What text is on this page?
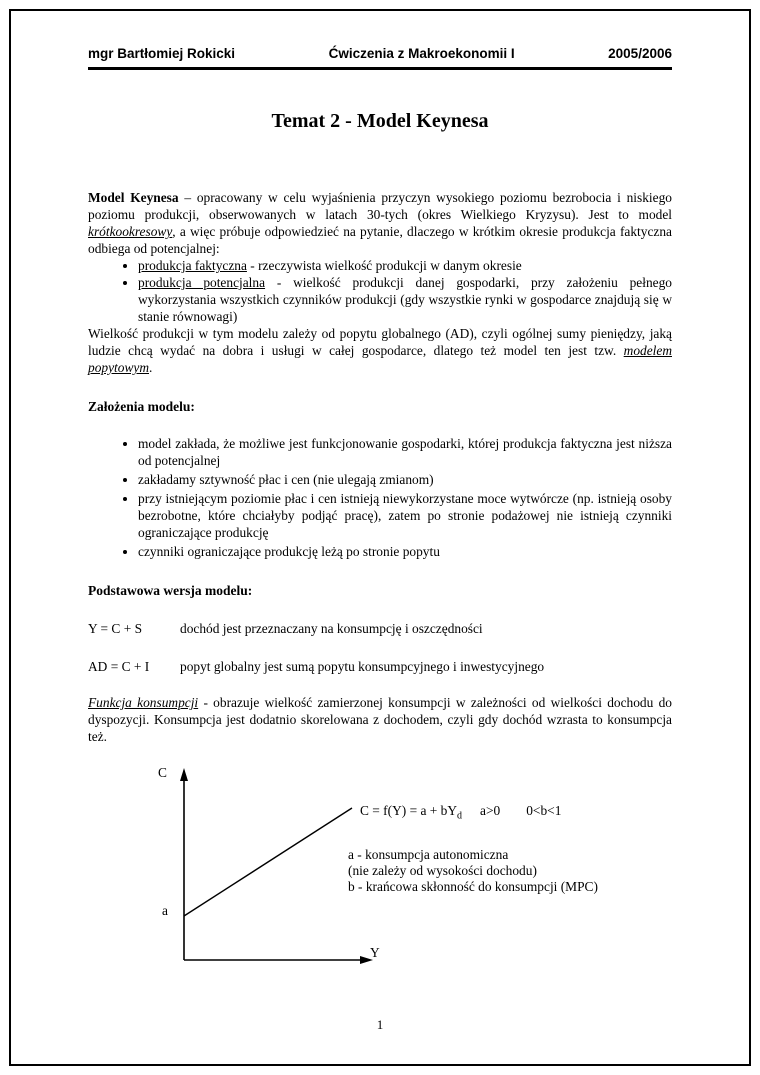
mgr Bartłomiej Rokicki	Ćwiczenia z Makroekonomii I	2005/2006
Temat 2 - Model Keynesa

Model Keynesa – opracowany w celu wyjaśnienia przyczyn wysokiego poziomu bezrobocia i niskiego poziomu produkcji, obserwowanych w latach 30-tych (okres Wielkiego Kryzysu). Jest to model krótkookresowy, a więc próbuje odpowiedzieć na pytanie, dlaczego w krótkim okresie produkcja faktyczna odbiega od potencjalnej:

• produkcja faktyczna - rzeczywista wielkość produkcji w danym okresie
• produkcja potencjalna - wielkość produkcji danej gospodarki, przy założeniu pełnego wykorzystania wszystkich czynników produkcji (gdy wszystkie rynki w gospodarce znajdują się w stanie równowagi)

Wielkość produkcji w tym modelu zależy od popytu globalnego (AD), czyli ogólnej sumy pieniędzy, jaką ludzie chcą wydać na dobra i usługi w całej gospodarce, dlatego też model ten jest tzw. modelem popytowym.

Założenia modelu:

• model zakłada, że możliwe jest funkcjonowanie gospodarki, której produkcja faktyczna jest niższa od potencjalnej
• zakładamy sztywność płac i cen (nie ulegają zmianom)
• przy istniejącym poziomie płac i cen istnieją niewykorzystane moce wytwórcze (np. istnieją osoby bezrobotne, które chciałyby podjąć pracę), zatem po stronie podażowej nie istnieją czynniki ograniczające produkcję
• czynniki ograniczające produkcję leżą po stronie popytu

Podstawowa wersja modelu:

Y = C + S	dochód jest przeznaczany na konsumpcję i oszczędności
AD = C + I	popyt globalny jest sumą popytu konsumpcyjnego i inwestycyjnego

Funkcja konsumpcji - obrazuje wielkość zamierzonej konsumpcji w zależności od wielkości dochodu do dyspozycji. Konsumpcja jest dodatnio skorelowana z dochodem, czyli gdy dochód wzrasta to konsumpcja też.

C
Y
a
$C = f(Y) = a + bY_d$ a>0 0<b<1
a - konsumpcja autonomiczna
(nie zależy od wysokości dochodu)
b - krańcowa skłonność do konsumpcji (MPC)
1
